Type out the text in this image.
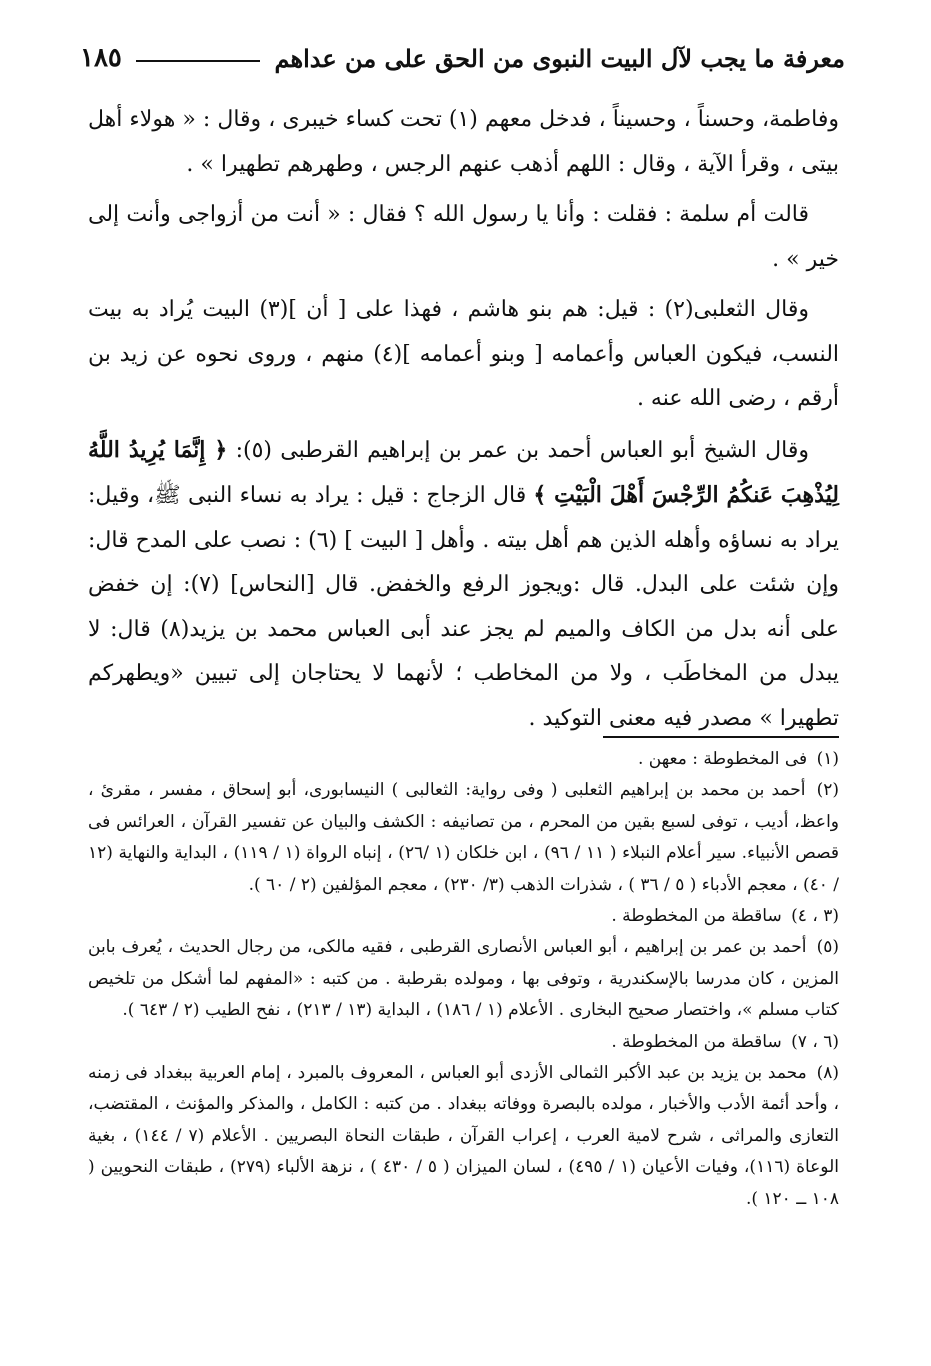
١٨٥	معرفة ما يجب لآل البيت النبوى من الحق على من عداهم

وفاطمة، وحسناً ، وحسيناً ، فدخل معهم (١) تحت كساء خيبرى ، وقال : « هولاء أهل بيتى ، وقرأ الآية ، وقال : اللهم أذهب عنهم الرجس ، وطهرهم تطهيرا » .

قالت أم سلمة : فقلت : وأنا يا رسول الله ؟ فقال : « أنت من أزواجى وأنت إلى خير » .

وقال الثعلبى(٢) : قيل: هم بنو هاشم ، فهذا على [ أن ](٣) البيت يُراد به بيت النسب، فيكون العباس وأعمامه [ وبنو أعمامه ](٤) منهم ، وروى نحوه عن زيد بن أرقم ، رضى الله عنه .

وقال الشيخ أبو العباس أحمد بن عمر بن إبراهيم القرطبى (٥): ﴿ إِنَّمَا يُرِيدُ اللَّهُ لِيُذْهِبَ عَنكُمُ الرِّجْسَ أَهْلَ الْبَيْتِ ﴾ قال الزجاج : قيل : يراد به نساء النبى ﷺ، وقيل: يراد به نساؤه وأهله الذين هم أهل بيته . وأهل [ البيت ] (٦) : نصب على المدح قال: وإن شئت على البدل. قال :ويجوز الرفع والخفض. قال [النحاس] (٧): إن خفض على أنه بدل من الكاف والميم لم يجز عند أبى العباس محمد بن يزيد(٨) قال: لا يبدل من المخاطَب ، ولا من المخاطب ؛ لأنهما لا يحتاجان إلى تبيين «ويطهركم تطهيرا » مصدر فيه معنى التوكيد .

(١) فى المخطوطة : معهن .

(٢) أحمد بن محمد بن إبراهيم الثعلبى ( وفى رواية: الثعالبى ) النيسابورى، أبو إسحاق ، مفسر ، مقرئ ، واعظ، أديب ، توفى لسبع بقين من المحرم ، من تصانيفه : الكشف والبيان عن تفسير القرآن ، العرائس فى قصص الأنبياء. سير أعلام النبلاء ( ١١ / ٩٦) ، ابن خلكان (١ /٢٦) ، إنباه الرواة (١ / ١١٩) ، البداية والنهاية (١٢ / ٤٠) ، معجم الأدباء ( ٥ / ٣٦ ) ، شذرات الذهب (٣/ ٢٣٠) ، معجم المؤلفين (٢ / ٦٠ ).

(٣ ، ٤) ساقطة من المخطوطة .

(٥) أحمد بن عمر بن إبراهيم ، أبو العباس الأنصارى القرطبى ، فقيه مالكى، من رجال الحديث ، يُعرف بابن المزين ، كان مدرسا بالإسكندرية ، وتوفى بها ، ومولده بقرطبة . من كتبه : «المفهم لما أشكل من تلخيص كتاب مسلم »، واختصار صحيح البخارى . الأعلام (١ / ١٨٦) ، البداية (١٣ / ٢١٣) ، نفح الطيب (٢ / ٦٤٣ ).

(٦ ، ٧) ساقطة من المخطوطة .

(٨) محمد بن يزيد بن عبد الأكبر الثمالى الأزدى أبو العباس ، المعروف بالمبرد ، إمام العربية ببغداد فى زمنه ، وأحد أئمة الأدب والأخبار ، مولده بالبصرة ووفاته ببغداد . من كتبه : الكامل ، والمذكر والمؤنث ، المقتضب، التعازى والمراثى ، شرح لامية العرب ، إعراب القرآن ، طبقات النحاة البصريين . الأعلام (٧ / ١٤٤) ، بغية الوعاة (١١٦)، وفيات الأعيان (١ / ٤٩٥) ، لسان الميزان ( ٥ / ٤٣٠ ) ، نزهة الألباء (٢٧٩) ، طبقات النحويين ( ١٠٨ ــ ١٢٠ ).
